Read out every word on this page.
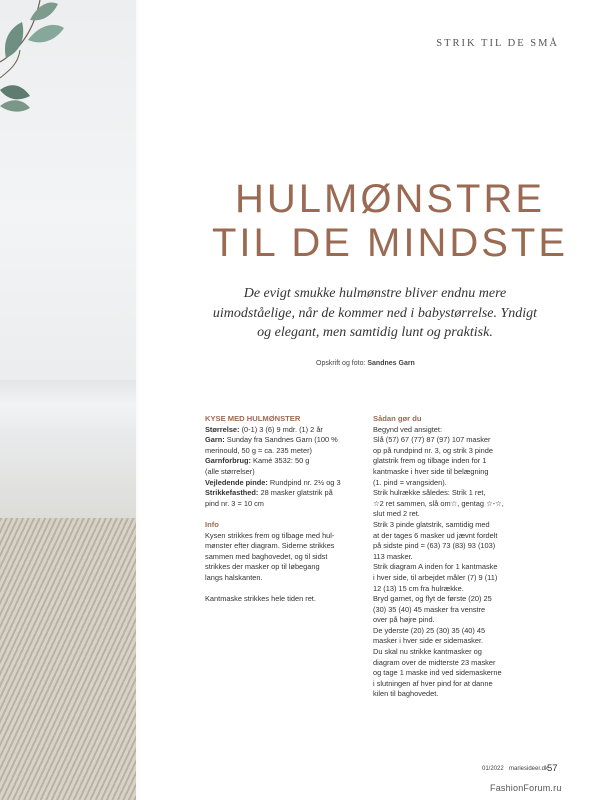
STRIK TIL DE SMÅ
HULMØNSTRE
TIL DE MINDSTE
De evigt smukke hulmønstre bliver endnu mere
uimodståelige, når de kommer ned i babystørrelse. Yndigt
og elegant, men samtidig lunt og praktisk.
Opskrift og foto: Sandnes Garn
KYSE MED HULMØNSTER
Størrelse: (0-1) 3 (6) 9 mdr. (1) 2 år
Garn: Sunday fra Sandnes Garn (100 %
merinould, 50 g = ca. 235 meter)
Garnforbrug: Kamé 3532: 50 g
(alle størrelser)
Vejledende pinde: Rundpind nr. 2½ og 3
Strikkefasthed: 28 masker glatstrik på
pind nr. 3 = 10 cm
Info
Kysen strikkes frem og tilbage med hul-
mønster efter diagram. Siderne strikkes
sammen med baghovedet, og til sidst
strikkes der masker op til løbegang
langs halskanten.
Kantmaske strikkes hele tiden ret.
Sådan gør du
Begynd ved ansigtet:
Slå (57) 67 (77) 87 (97) 107 masker
op på rundpind nr. 3, og strik 3 pinde
glatstrik frem og tilbage inden for 1
kantmaske i hver side til belægning
(1. pind = vrangsiden).
Strik hulrække således: Strik 1 ret,
☆2 ret sammen, slå om☆, gentag ☆-☆,
slut med 2 ret.
Strik 3 pinde glatstrik, samtidig med
at der tages 6 masker ud jævnt fordelt
på sidste pind = (63) 73 (83) 93 (103)
113 masker.
Strik diagram A inden for 1 kantmaske
i hver side, til arbejdet måler (7) 9 (11)
12 (13) 15 cm fra hulrække.
Bryd garnet, og flyt de første (20) 25
(30) 35 (40) 45 masker fra venstre
over på højre pind.
De yderste (20) 25 (30) 35 (40) 45
masker i hver side er sidemasker.
Du skal nu strikke kantmasker og
diagram over de midterste 23 masker
og tage 1 maske ind ved sidemaskerne
i slutningen af hver pind for at danne
kilen til baghovedet.
01/2022 mariesideer.dk
57
FashionForum.ru
